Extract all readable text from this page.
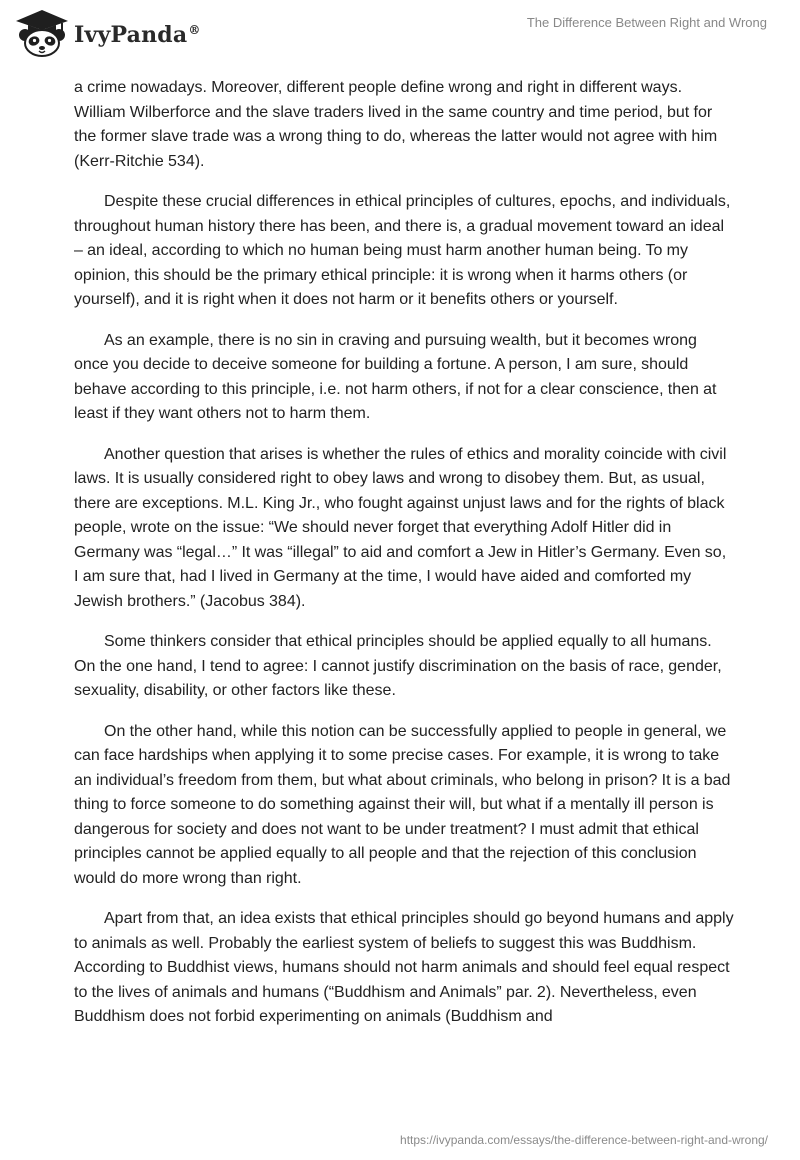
IvyPanda®	The Difference Between Right and Wrong

a crime nowadays. Moreover, different people define wrong and right in different ways. William Wilberforce and the slave traders lived in the same country and time period, but for the former slave trade was a wrong thing to do, whereas the latter would not agree with him (Kerr-Ritchie 534).

Despite these crucial differences in ethical principles of cultures, epochs, and individuals, throughout human history there has been, and there is, a gradual movement toward an ideal – an ideal, according to which no human being must harm another human being. To my opinion, this should be the primary ethical principle: it is wrong when it harms others (or yourself), and it is right when it does not harm or it benefits others or yourself.

As an example, there is no sin in craving and pursuing wealth, but it becomes wrong once you decide to deceive someone for building a fortune. A person, I am sure, should behave according to this principle, i.e. not harm others, if not for a clear conscience, then at least if they want others not to harm them.

Another question that arises is whether the rules of ethics and morality coincide with civil laws. It is usually considered right to obey laws and wrong to disobey them. But, as usual, there are exceptions. M.L. King Jr., who fought against unjust laws and for the rights of black people, wrote on the issue: “We should never forget that everything Adolf Hitler did in Germany was “legal…” It was “illegal” to aid and comfort a Jew in Hitler’s Germany. Even so, I am sure that, had I lived in Germany at the time, I would have aided and comforted my Jewish brothers.” (Jacobus 384).

Some thinkers consider that ethical principles should be applied equally to all humans. On the one hand, I tend to agree: I cannot justify discrimination on the basis of race, gender, sexuality, disability, or other factors like these.

On the other hand, while this notion can be successfully applied to people in general, we can face hardships when applying it to some precise cases. For example, it is wrong to take an individual’s freedom from them, but what about criminals, who belong in prison? It is a bad thing to force someone to do something against their will, but what if a mentally ill person is dangerous for society and does not want to be under treatment? I must admit that ethical principles cannot be applied equally to all people and that the rejection of this conclusion would do more wrong than right.

Apart from that, an idea exists that ethical principles should go beyond humans and apply to animals as well. Probably the earliest system of beliefs to suggest this was Buddhism. According to Buddhist views, humans should not harm animals and should feel equal respect to the lives of animals and humans (“Buddhism and Animals” par. 2). Nevertheless, even Buddhism does not forbid experimenting on animals (Buddhism and

https://ivypanda.com/essays/the-difference-between-right-and-wrong/
